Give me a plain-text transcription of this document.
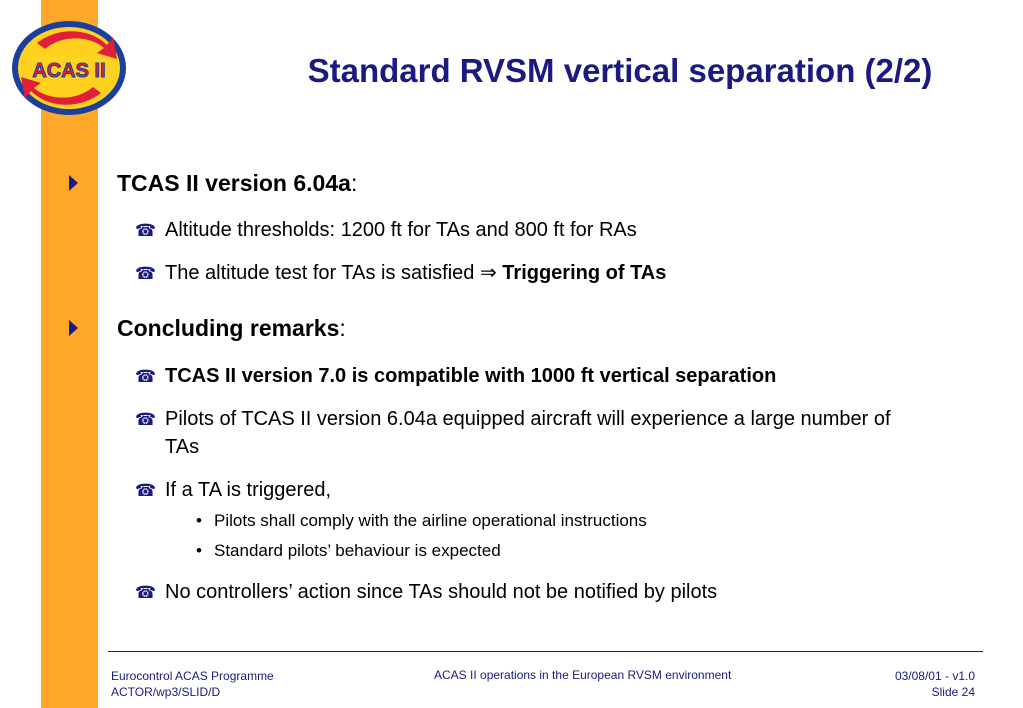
ACAS II	Standard RVSM vertical separation (2/2)
TCAS II version 6.04a:
☎ Altitude thresholds: 1200 ft for TAs and 800 ft for RAs
☎ The altitude test for TAs is satisfied ⇒ Triggering of TAs
Concluding remarks:
☎ TCAS II version 7.0 is compatible with 1000 ft vertical separation
☎ Pilots of TCAS II version 6.04a equipped aircraft will experience a large number of TAs
☎ If a TA is triggered,
• Pilots shall comply with the airline operational instructions
• Standard pilots’ behaviour is expected
☎ No controllers’ action since TAs should not be notified by pilots
Eurocontrol ACAS Programme
ACTOR/wp3/SLID/D
ACAS II operations in the European RVSM environment	03/08/01 - v1.0
Slide 24
